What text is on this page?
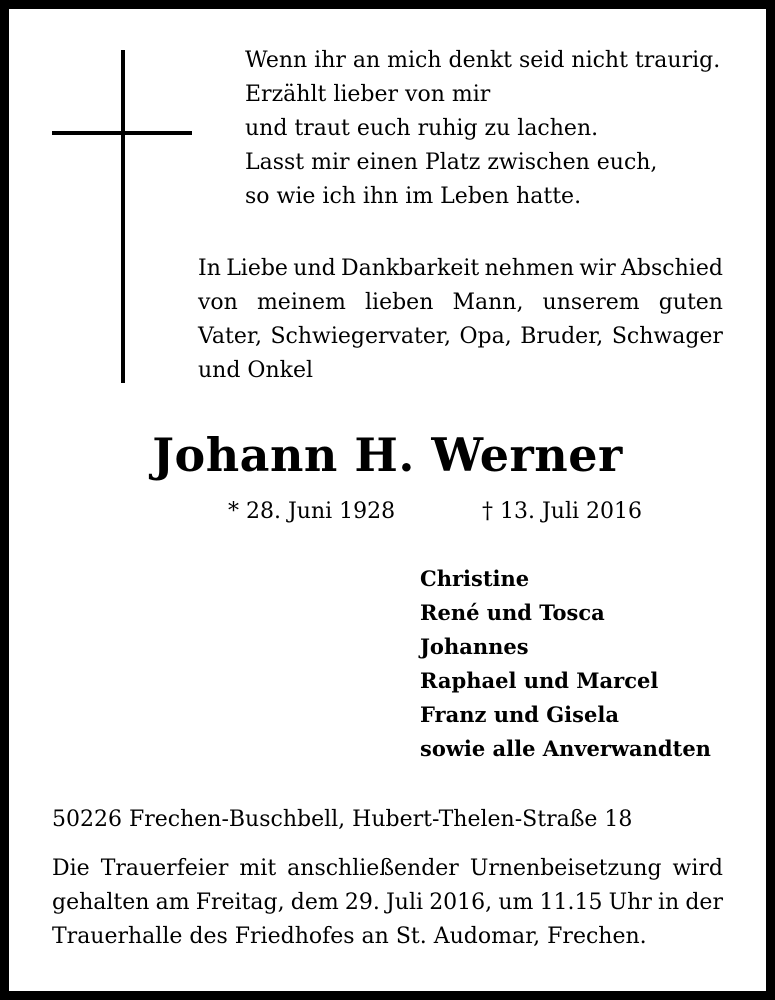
Wenn ihr an mich denkt seid nicht traurig.
Erzählt lieber von mir
und traut euch ruhig zu lachen.
Lasst mir einen Platz zwischen euch,
so wie ich ihn im Leben hatte.
In Liebe und Dankbarkeit nehmen wir Abschied
von meinem lieben Mann, unserem guten
Vater, Schwiegervater, Opa, Bruder, Schwager
und Onkel
Johann H. Werner
* 28. Juni 1928	† 13. Juli 2016
Christine
René und Tosca
Johannes
Raphael und Marcel
Franz und Gisela
sowie alle Anverwandten
50226 Frechen-Buschbell, Hubert-Thelen-Straße 18
Die Trauerfeier mit anschließender Urnenbeisetzung wird
gehalten am Freitag, dem 29. Juli 2016, um 11.15 Uhr in der
Trauerhalle des Friedhofes an St. Audomar, Frechen.
